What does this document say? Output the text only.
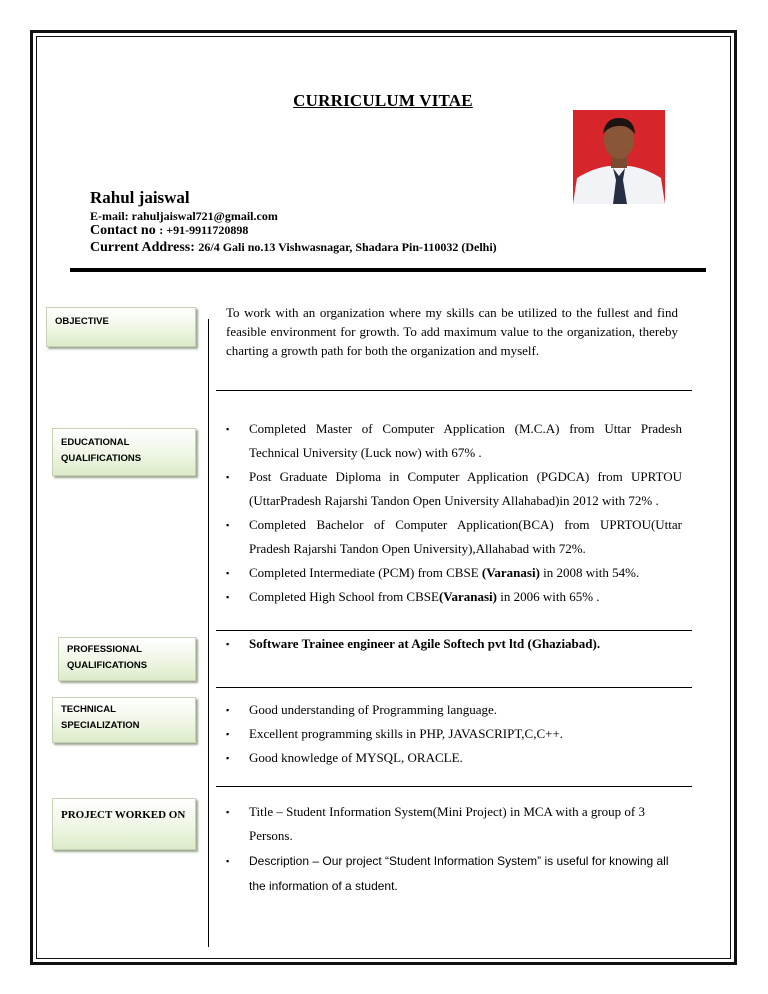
CURRICULUM VITAE
Rahul jaiswal
E-mail: rahuljaiswal721@gmail.com
Contact no : +91-9911720898
Current Address: 26/4 Gali no.13 Vishwasnagar, Shadara Pin-110032 (Delhi)
OBJECTIVE
EDUCATIONAL
QUALIFICATIONS
PROFESSIONAL
QUALIFICATIONS
TECHNICAL
SPECIALIZATION
PROJECT WORKED ON
To work with an organization where my skills can be utilized to the fullest and find feasible environment for growth. To add maximum value to the organization, thereby charting a growth path for both the organization and myself.
▪ Completed Master of Computer Application (M.C.A) from Uttar Pradesh Technical University (Luck now) with 67% .
▪ Post Graduate Diploma in Computer Application (PGDCA) from UPRTOU (UttarPradesh Rajarshi Tandon Open University Allahabad)in 2012 with 72% .
▪ Completed Bachelor of Computer Application(BCA) from UPRTOU(Uttar Pradesh Rajarshi Tandon Open University),Allahabad with 72%.
▪ Completed Intermediate (PCM) from CBSE (Varanasi) in 2008 with 54%.
▪ Completed High School from CBSE(Varanasi) in 2006 with 65% .
▪ Software Trainee engineer at Agile Softech pvt ltd (Ghaziabad).
▪ Good understanding of Programming language.
▪ Excellent programming skills in PHP, JAVASCRIPT,C,C++.
▪ Good knowledge of MYSQL, ORACLE.
▪ Title – Student Information System(Mini Project) in MCA with a group of 3 Persons.
▪ Description – Our project “Student Information System” is useful for knowing all the information of a student.
